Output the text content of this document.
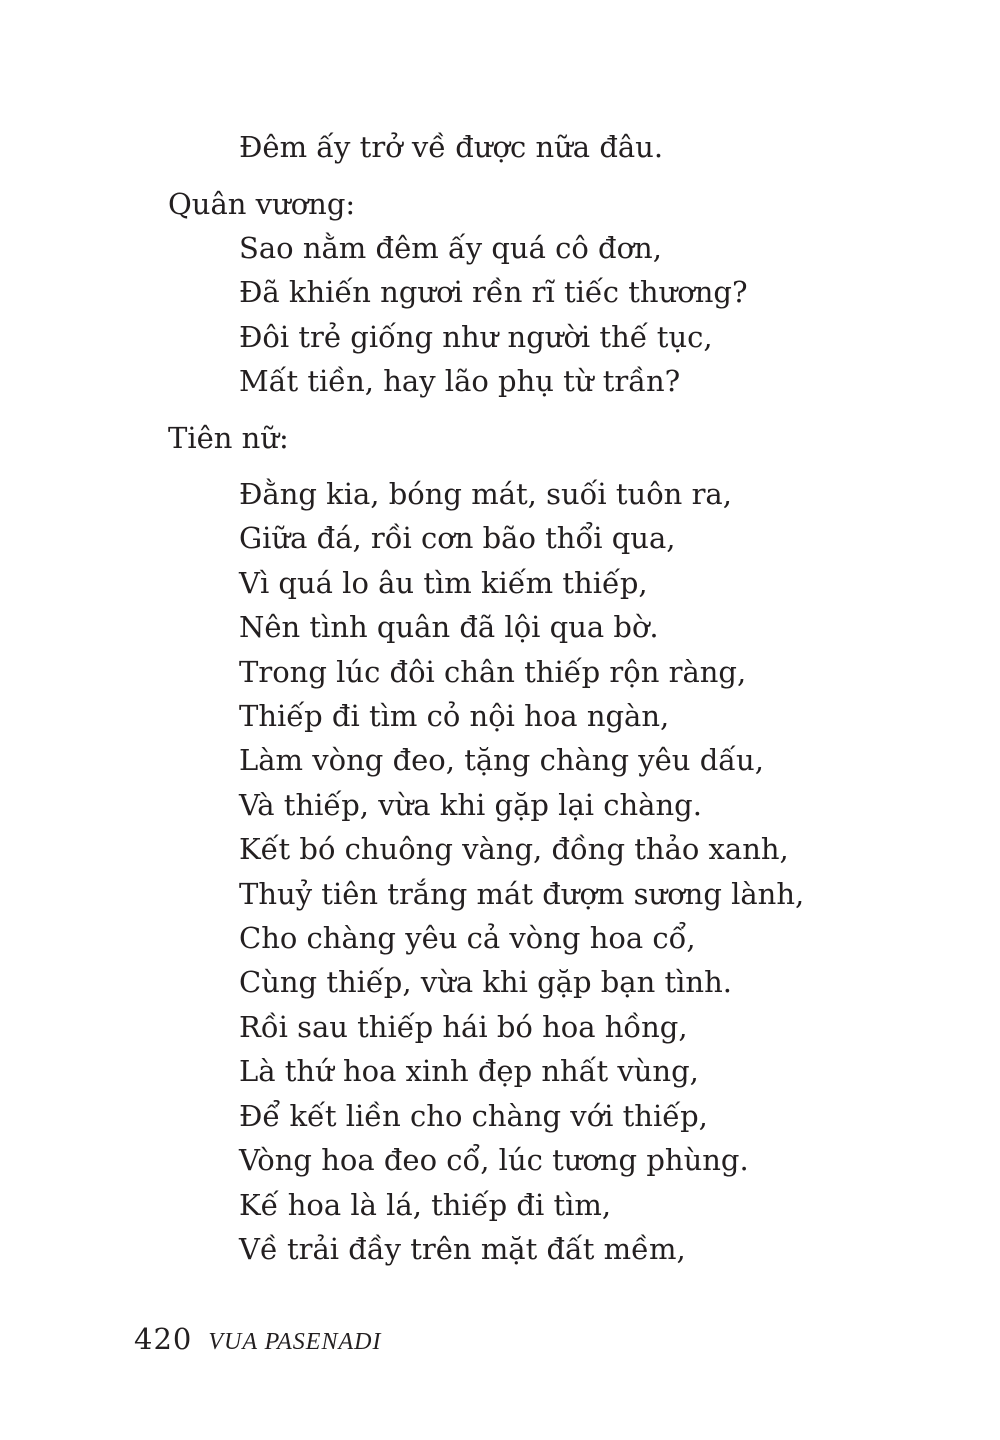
Đêm ấy trở về được nữa đâu.
Quân vương:
Sao nằm đêm ấy quá cô đơn,
Đã khiến ngươi rền rĩ tiếc thương?
Đôi trẻ giống như người thế tục,
Mất tiền, hay lão phụ từ trần?
Tiên nữ:
Đằng kia, bóng mát, suối tuôn ra,
Giữa đá, rồi cơn bão thổi qua,
Vì quá lo âu tìm kiếm thiếp,
Nên tình quân đã lội qua bờ.
Trong lúc đôi chân thiếp rộn ràng,
Thiếp đi tìm cỏ nội hoa ngàn,
Làm vòng đeo, tặng chàng yêu dấu,
Và thiếp, vừa khi gặp lại chàng.
Kết bó chuông vàng, đồng thảo xanh,
Thuỷ tiên trắng mát đượm sương lành,
Cho chàng yêu cả vòng hoa cổ,
Cùng thiếp, vừa khi gặp bạn tình.
Rồi sau thiếp hái bó hoa hồng,
Là thứ hoa xinh đẹp nhất vùng,
Để kết liền cho chàng với thiếp,
Vòng hoa đeo cổ, lúc tương phùng.
Kế hoa là lá, thiếp đi tìm,
Về trải đầy trên mặt đất mềm,
420 VUA PASENADI
